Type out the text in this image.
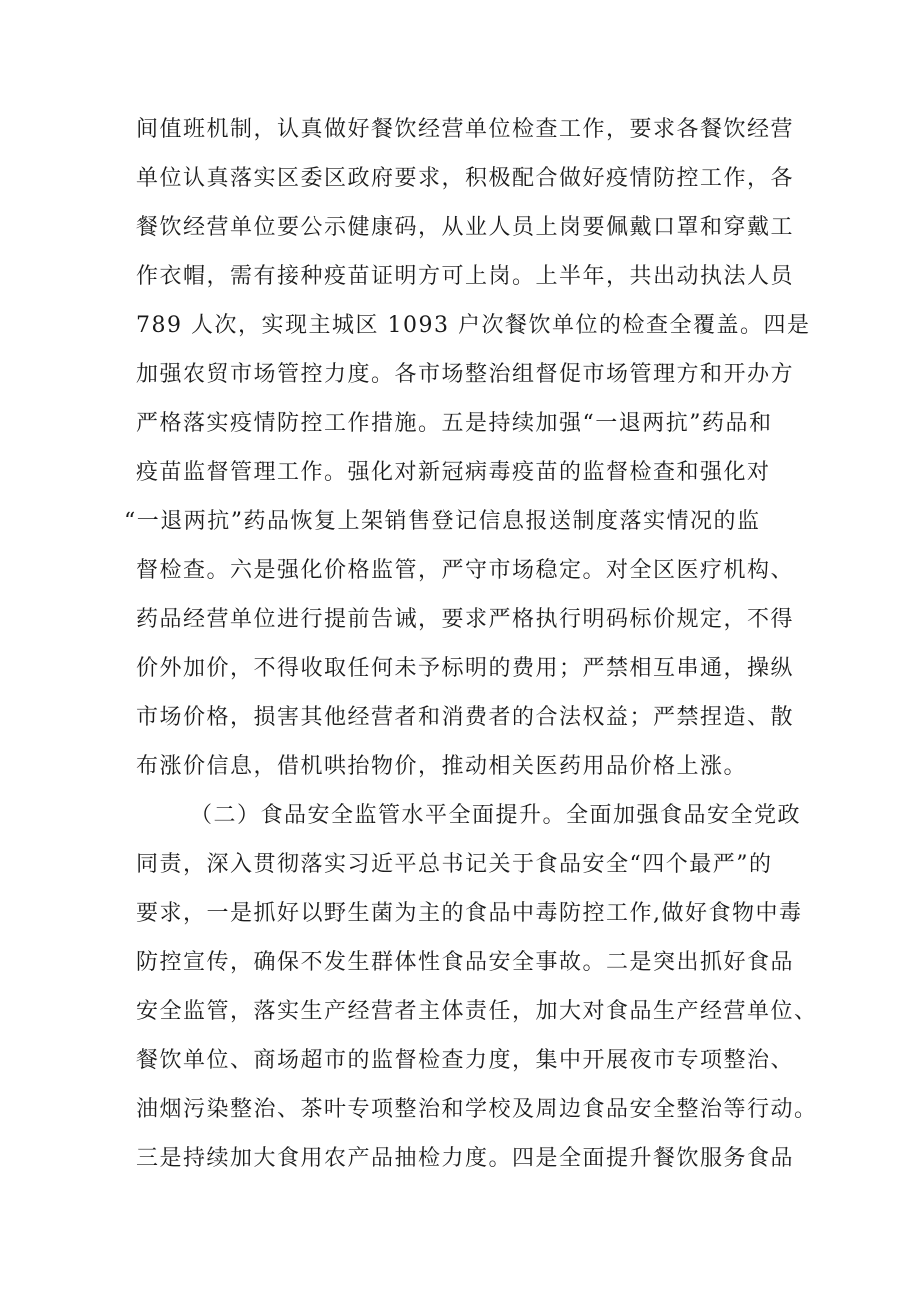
间值班机制，认真做好餐饮经营单位检查工作，要求各餐饮经营
单位认真落实区委区政府要求，积极配合做好疫情防控工作，各
餐饮经营单位要公示健康码，从业人员上岗要佩戴口罩和穿戴工
作衣帽，需有接种疫苗证明方可上岗。上半年，共出动执法人员
789 人次，实现主城区 1093 户次餐饮单位的检查全覆盖。四是
加强农贸市场管控力度。各市场整治组督促市场管理方和开办方
严格落实疫情防控工作措施。五是持续加强“一退两抗”药品和
疫苗监督管理工作。强化对新冠病毒疫苗的监督检查和强化对
“一退两抗”药品恢复上架销售登记信息报送制度落实情况的监
督检查。六是强化价格监管，严守市场稳定。对全区医疗机构、
药品经营单位进行提前告诫，要求严格执行明码标价规定，不得
价外加价，不得收取任何未予标明的费用；严禁相互串通，操纵
市场价格，损害其他经营者和消费者的合法权益；严禁捏造、散
布涨价信息，借机哄抬物价，推动相关医药用品价格上涨。
（二）食品安全监管水平全面提升。全面加强食品安全党政
同责，深入贯彻落实习近平总书记关于食品安全“四个最严”的
要求，一是抓好以野生菌为主的食品中毒防控工作,做好食物中毒
防控宣传，确保不发生群体性食品安全事故。二是突出抓好食品
安全监管，落实生产经营者主体责任，加大对食品生产经营单位、
餐饮单位、商场超市的监督检查力度，集中开展夜市专项整治、
油烟污染整治、茶叶专项整治和学校及周边食品安全整治等行动。
三是持续加大食用农产品抽检力度。四是全面提升餐饮服务食品
